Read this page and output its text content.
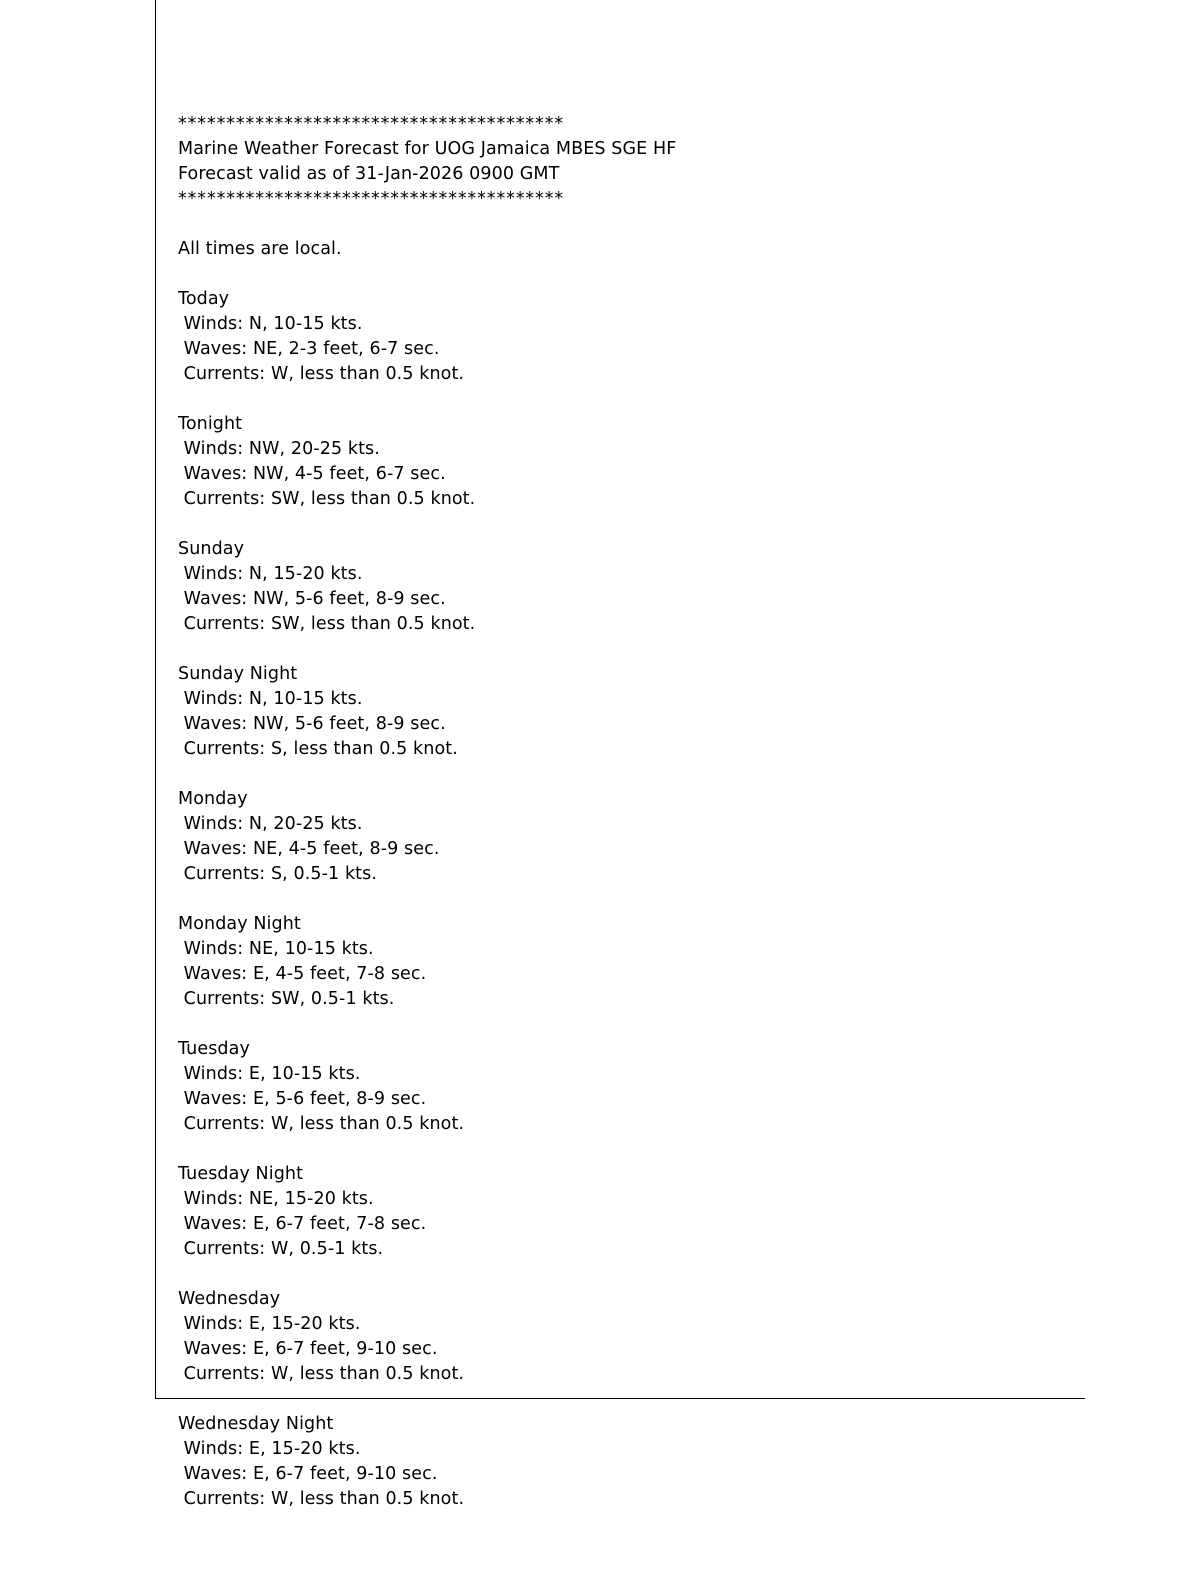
****************************************
Marine Weather Forecast for UOG Jamaica MBES SGE HF
Forecast valid as of 31-Jan-2026 0900 GMT
****************************************
All times are local.
Today
Winds: N, 10-15 kts.
Waves: NE, 2-3 feet, 6-7 sec.
Currents: W, less than 0.5 knot.
Tonight
Winds: NW, 20-25 kts.
Waves: NW, 4-5 feet, 6-7 sec.
Currents: SW, less than 0.5 knot.
Sunday
Winds: N, 15-20 kts.
Waves: NW, 5-6 feet, 8-9 sec.
Currents: SW, less than 0.5 knot.
Sunday Night
Winds: N, 10-15 kts.
Waves: NW, 5-6 feet, 8-9 sec.
Currents: S, less than 0.5 knot.
Monday
Winds: N, 20-25 kts.
Waves: NE, 4-5 feet, 8-9 sec.
Currents: S, 0.5-1 kts.
Monday Night
Winds: NE, 10-15 kts.
Waves: E, 4-5 feet, 7-8 sec.
Currents: SW, 0.5-1 kts.
Tuesday
Winds: E, 10-15 kts.
Waves: E, 5-6 feet, 8-9 sec.
Currents: W, less than 0.5 knot.
Tuesday Night
Winds: NE, 15-20 kts.
Waves: E, 6-7 feet, 7-8 sec.
Currents: W, 0.5-1 kts.
Wednesday
Winds: E, 15-20 kts.
Waves: E, 6-7 feet, 9-10 sec.
Currents: W, less than 0.5 knot.
Wednesday Night
Winds: E, 15-20 kts.
Waves: E, 6-7 feet, 9-10 sec.
Currents: W, less than 0.5 knot.
